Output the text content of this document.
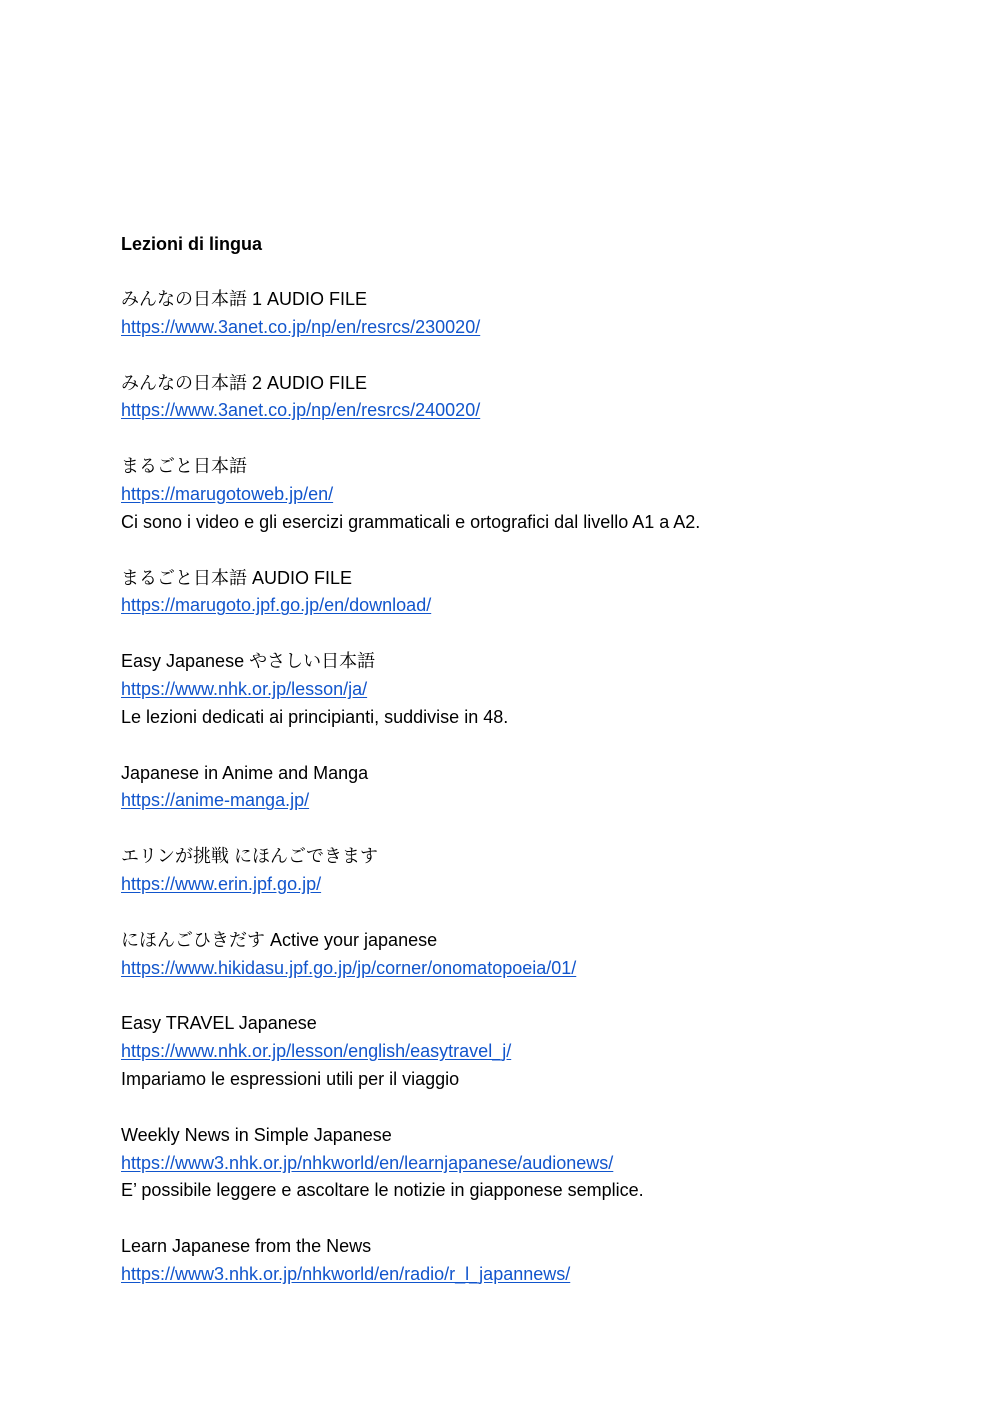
Lezioni di lingua
みんなの日本語 1 AUDIO FILE
https://www.3anet.co.jp/np/en/resrcs/230020/
みんなの日本語 2 AUDIO FILE
https://www.3anet.co.jp/np/en/resrcs/240020/
まるごと日本語
https://marugotoweb.jp/en/
Ci sono i video e gli esercizi grammaticali e ortografici dal livello A1 a A2.
まるごと日本語 AUDIO FILE
https://marugoto.jpf.go.jp/en/download/
Easy Japanese やさしい日本語
https://www.nhk.or.jp/lesson/ja/
Le lezioni dedicati ai principianti, suddivise in 48.
Japanese in Anime and Manga
https://anime-manga.jp/
エリンが挑戦 にほんごできます
https://www.erin.jpf.go.jp/
にほんごひきだす Active your japanese
https://www.hikidasu.jpf.go.jp/jp/corner/onomatopoeia/01/
Easy TRAVEL Japanese
https://www.nhk.or.jp/lesson/english/easytravel_j/
Impariamo le espressioni utili per il viaggio
Weekly News in Simple Japanese
https://www3.nhk.or.jp/nhkworld/en/learnjapanese/audionews/
E’ possibile leggere e ascoltare le notizie in giapponese semplice.
Learn Japanese from the News
https://www3.nhk.or.jp/nhkworld/en/radio/r_l_japannews/
